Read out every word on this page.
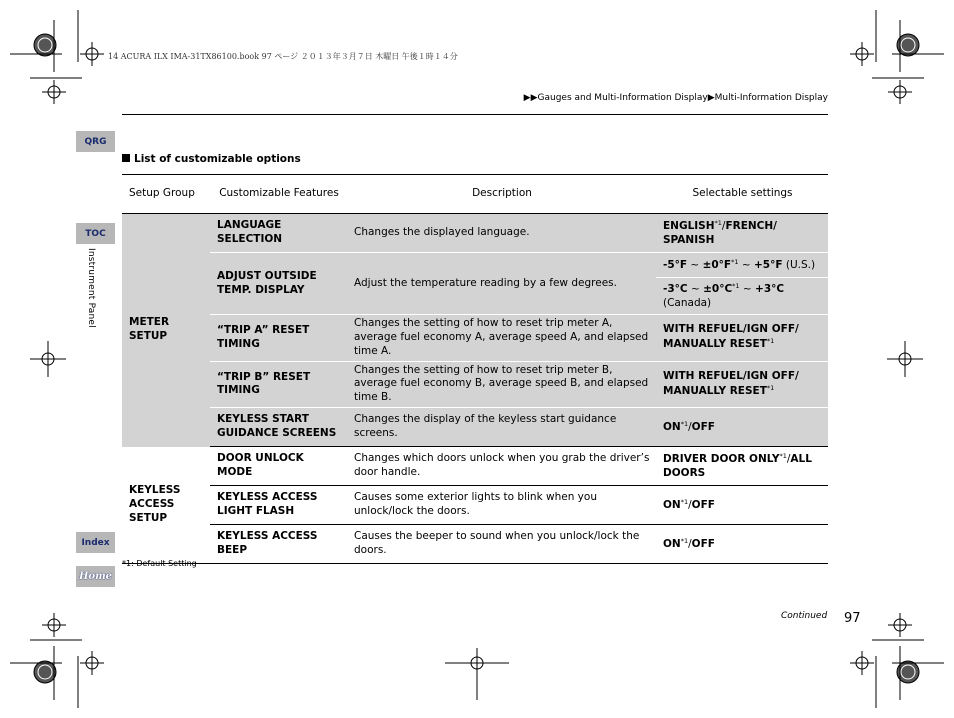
14 ACURA ILX IMA-31TX86100.book 97 ページ ２０１３年３月７日 木曜日 午後１時１４分
▶▶Gauges and Multi-Information Display▶Multi-Information Display
QRG
TOC
Instrument Panel
Index
Home
List of customizable options
Setup Group	Customizable Features	Description	Selectable settings
METER SETUP	LANGUAGE SELECTION	Changes the displayed language.	ENGLISH$^{*1}$/FRENCH/
SPANISH
	ADJUST OUTSIDE TEMP. DISPLAY	Adjust the temperature reading by a few degrees.	-5°F ~ $\pm 0^\circ F^{*1}$ ~ +5°F (U.S.)
			-3°C ~ $\pm 0^\circ C^{*1}$ ~ +3°C
(Canada)
	“TRIP A” RESET TIMING	Changes the setting of how to reset trip meter A, average fuel economy A, average speed A, and elapsed time A.	WITH REFUEL/IGN OFF/
MANUALLY RESET$^{*1}$
	“TRIP B” RESET TIMING	Changes the setting of how to reset trip meter B, average fuel economy B, average speed B, and elapsed time B.	WITH REFUEL/IGN OFF/
MANUALLY RESET$^{*1}$
	KEYLESS START GUIDANCE SCREENS	Changes the display of the keyless start guidance screens.	ON$^{*1}$/OFF
KEYLESS ACCESS SETUP	DOOR UNLOCK MODE	Changes which doors unlock when you grab the driver’s door handle.	DRIVER DOOR ONLY$^{*1}$/ALL DOORS
	KEYLESS ACCESS LIGHT FLASH	Causes some exterior lights to blink when you unlock/lock the doors.	ON$^{*1}$/OFF
	KEYLESS ACCESS BEEP	Causes the beeper to sound when you unlock/lock the doors.	ON$^{*1}$/OFF
*1: Default Setting
Continued 97
